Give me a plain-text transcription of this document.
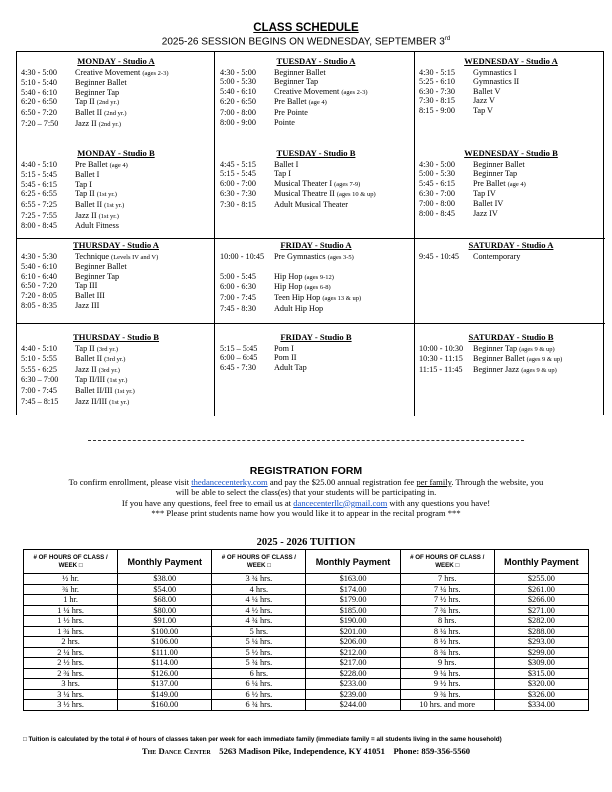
CLASS SCHEDULE
2025-26 SESSION BEGINS ON WEDNESDAY, SEPTEMBER 3rd
MONDAY - Studio A
4:30 - 5:00 Creative Movement (ages 2-3)
5:10 - 5:40 Beginner Ballet
5:40 - 6:10 Beginner Tap
6:20 - 6:50 Tap II (2nd yr.)
6:50 - 7:20 Ballet II (2nd yr.)
7:20 – 7:50 Jazz II (2nd yr.)
TUESDAY - Studio A
4:30 - 5:00 Beginner Ballet
5:00 - 5:30 Beginner Tap
5:40 - 6:10 Creative Movement (ages 2-3)
6:20 - 6:50 Pre Ballet (age 4)
7:00 - 8:00 Pre Pointe
8:00 - 9:00 Pointe
WEDNESDAY - Studio A
4:30 - 5:15 Gymnastics I
5:25 - 6:10 Gymnastics II
6:30 - 7:30 Ballet V
7:30 - 8:15 Jazz V
8:15 - 9:00 Tap V
MONDAY - Studio B
4:40 - 5:10 Pre Ballet (age 4)
5:15 - 5:45 Ballet I
5:45 - 6:15 Tap I
6:25 - 6:55 Tap II (1st yr.)
6:55 - 7:25 Ballet II (1st yr.)
7:25 - 7:55 Jazz II (1st yr.)
8:00 - 8:45 Adult Fitness
TUESDAY - Studio B
4:45 - 5:15 Ballet I
5:15 - 5:45 Tap I
6:00 - 7:00 Musical Theater I (ages 7-9)
6:30 - 7:30 Musical Theatre II (ages 10 & up)
7:30 - 8:15 Adult Musical Theater
WEDNESDAY - Studio B
4:30 - 5:00 Beginner Ballet
5:00 - 5:30 Beginner Tap
5:45 - 6:15 Pre Ballet (age 4)
6:30 - 7:00 Tap IV
7:00 - 8:00 Ballet IV
8:00 - 8:45 Jazz IV
THURSDAY - Studio A
4:30 - 5:30 Technique (Levels IV and V)
5:40 - 6:10 Beginner Ballet
6:10 - 6:40 Beginner Tap
6:50 - 7:20 Tap III
7:20 - 8:05 Ballet III
8:05 - 8:35 Jazz III
FRIDAY - Studio A
10:00 - 10:45 Pre Gymnastics (ages 3-5)
5:00 - 5:45 Hip Hop (ages 9-12)
6:00 - 6:30 Hip Hop (ages 6-8)
7:00 - 7:45 Teen Hip Hop (ages 13 & up)
7:45 - 8:30 Adult Hip Hop
SATURDAY - Studio A
9:45 - 10:45 Contemporary
THURSDAY - Studio B
4:40 - 5:10 Tap II (3rd yr.)
5:10 - 5:55 Ballet II (3rd yr.)
5:55 - 6:25 Jazz II (3rd yr.)
6:30 – 7:00 Tap II/III (1st yr.)
7:00 - 7:45 Ballet II/III (1st yr.)
7:45 – 8:15 Jazz II/III (1st yr.)
FRIDAY - Studio B
5:15 – 5:45 Pom I
6:00 – 6:45 Pom II
6:45 - 7:30 Adult Tap
SATURDAY - Studio B
10:00 - 10:30 Beginner Tap (ages 9 & up)
10:30 - 11:15 Beginner Ballet (ages 9 & up)
11:15 - 11:45 Beginner Jazz (ages 9 & up)
REGISTRATION FORM
To confirm enrollment, please visit thedancecenterky.com and pay the $25.00 annual registration fee per family. Through the website, you
will be able to select the class(es) that your students will be participating in.
If you have any questions, feel free to email us at dancecenterllc@gmail.com with any questions you have!
*** Please print students name how you would like it to appear in the recital program ***
2025 - 2026 TUITION
# OF HOURS OF CLASS / WEEK □	Monthly Payment	# OF HOURS OF CLASS / WEEK □	Monthly Payment	# OF HOURS OF CLASS / WEEK □	Monthly Payment
½ hr.	$38.00	3 ¾ hrs.	$163.00	7 hrs.	$255.00
¾ hr.	$54.00	4 hrs.	$174.00	7 ¼ hrs.	$261.00
1 hr.	$68.00	4 ¼ hrs.	$179.00	7 ½ hrs.	$266.00
1 ¼ hrs.	$80.00	4 ½ hrs.	$185.00	7 ¾ hrs.	$271.00
1 ½ hrs.	$91.00	4 ¾ hrs.	$190.00	8 hrs.	$282.00
1 ¾ hrs.	$100.00	5 hrs.	$201.00	8 ¼ hrs.	$288.00
2 hrs.	$106.00	5 ¼ hrs.	$206.00	8 ½ hrs.	$293.00
2 ¼ hrs.	$111.00	5 ½ hrs.	$212.00	8 ¾ hrs.	$299.00
2 ½ hrs.	$114.00	5 ¾ hrs.	$217.00	9 hrs.	$309.00
2 ¾ hrs.	$126.00	6 hrs.	$228.00	9 ¼ hrs.	$315.00
3 hrs.	$137.00	6 ¼ hrs.	$233.00	9 ½ hrs.	$320.00
3 ¼ hrs.	$149.00	6 ½ hrs.	$239.00	9 ¾ hrs.	$326.00
3 ½ hrs.	$160.00	6 ¾ hrs.	$244.00	10 hrs. and more	$334.00
□ Tuition is calculated by the total # of hours of classes taken per week for each immediate family (immediate family = all students living in the same household)
The Dance Center 5263 Madison Pike, Independence, KY 41051 Phone: 859-356-5560
